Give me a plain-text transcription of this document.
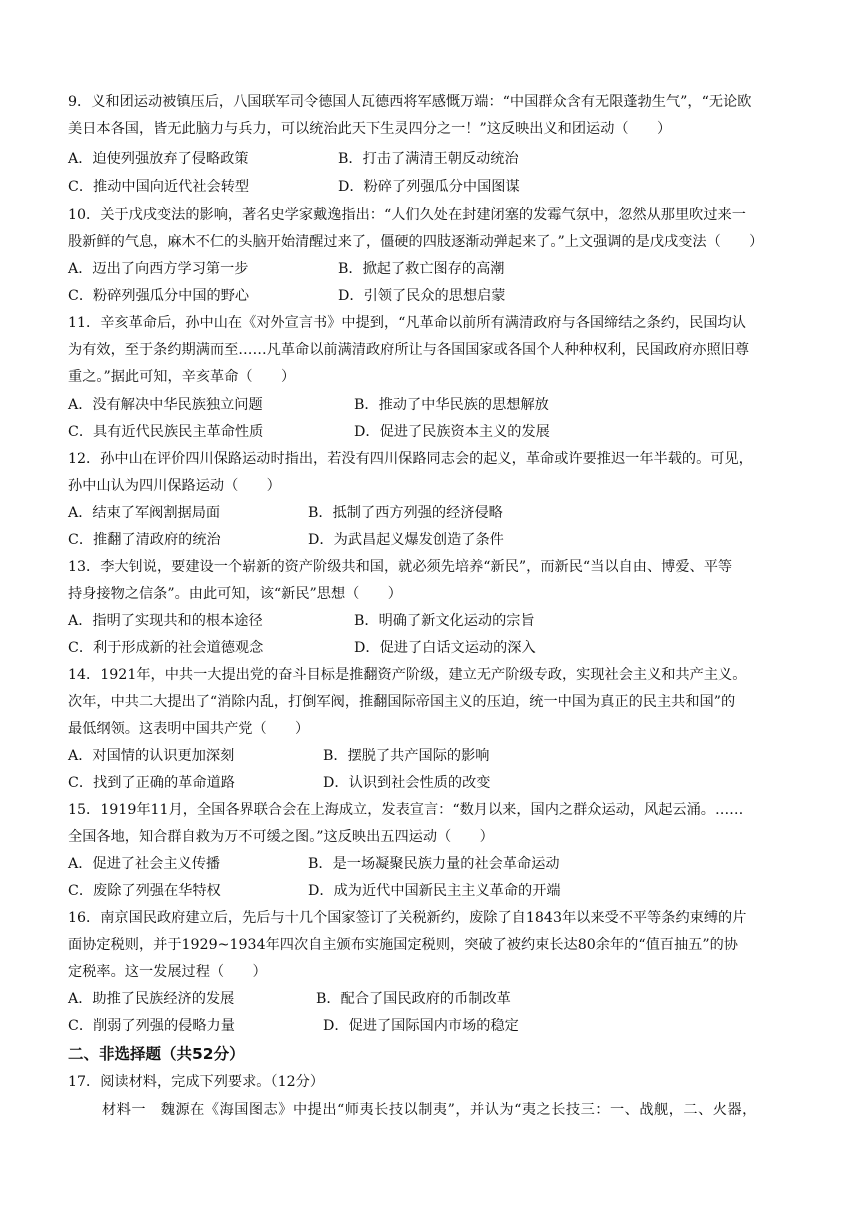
9．义和团运动被镇压后，八国联军司令德国人瓦德西将军感慨万端：“中国群众含有无限蓬勃生气”，“无论欧
美日本各国，皆无此脑力与兵力，可以统治此天下生灵四分之一！”这反映出义和团运动（　　）
A．迫使列强放弃了侵略政策	B．打击了满清王朝反动统治
C．推动中国向近代社会转型	D．粉碎了列强瓜分中国图谋
10．关于戊戌变法的影响，著名史学家戴逸指出：“人们久处在封建闭塞的发霉气氛中，忽然从那里吹过来一
股新鲜的气息，麻木不仁的头脑开始清醒过来了，僵硬的四肢逐渐动弹起来了。”上文强调的是戊戌变法（　　）
A．迈出了向西方学习第一步	B．掀起了救亡图存的高潮
C．粉碎列强瓜分中国的野心	D．引领了民众的思想启蒙
11．辛亥革命后，孙中山在《对外宣言书》中提到，“凡革命以前所有满清政府与各国缔结之条约，民国均认
为有效，至于条约期满而至……凡革命以前满清政府所让与各国国家或各国个人种种权利，民国政府亦照旧尊
重之。”据此可知，辛亥革命（　　）
A．没有解决中华民族独立问题	B．推动了中华民族的思想解放
C．具有近代民族民主革命性质	D．促进了民族资本主义的发展
12．孙中山在评价四川保路运动时指出，若没有四川保路同志会的起义，革命或许要推迟一年半载的。可见，
孙中山认为四川保路运动（　　）
A．结束了军阀割据局面	B．抵制了西方列强的经济侵略
C．推翻了清政府的统治	D．为武昌起义爆发创造了条件
13．李大钊说，要建设一个崭新的资产阶级共和国，就必须先培养“新民”，而新民“当以自由、博爱、平等
持身接物之信条”。由此可知，该“新民”思想（　　）
A．指明了实现共和的根本途径	B．明确了新文化运动的宗旨
C．利于形成新的社会道德观念	D．促进了白话文运动的深入
14．1921年，中共一大提出党的奋斗目标是推翻资产阶级，建立无产阶级专政，实现社会主义和共产主义。
次年，中共二大提出了“消除内乱，打倒军阀，推翻国际帝国主义的压迫，统一中国为真正的民主共和国”的
最低纲领。这表明中国共产党（　　）
A．对国情的认识更加深刻	B．摆脱了共产国际的影响
C．找到了正确的革命道路	D．认识到社会性质的改变
15．1919年11月，全国各界联合会在上海成立，发表宣言：“数月以来，国内之群众运动，风起云涌。……
全国各地，知合群自救为万不可缓之图。”这反映出五四运动（　　）
A．促进了社会主义传播	B．是一场凝聚民族力量的社会革命运动
C．废除了列强在华特权	D．成为近代中国新民主主义革命的开端
16．南京国民政府建立后，先后与十几个国家签订了关税新约，废除了自1843年以来受不平等条约束缚的片
面协定税则，并于1929~1934年四次自主颁布实施国定税则，突破了被约束长达80余年的“值百抽五”的协
定税率。这一发展过程（　　）
A．助推了民族经济的发展	B．配合了国民政府的币制改革
C．削弱了列强的侵略力量	D．促进了国际国内市场的稳定
二、非选择题（共52分）
17．阅读材料，完成下列要求。（12分）
材料一　魏源在《海国图志》中提出“师夷长技以制夷”，并认为“夷之长技三：一、战舰，二、火器，
